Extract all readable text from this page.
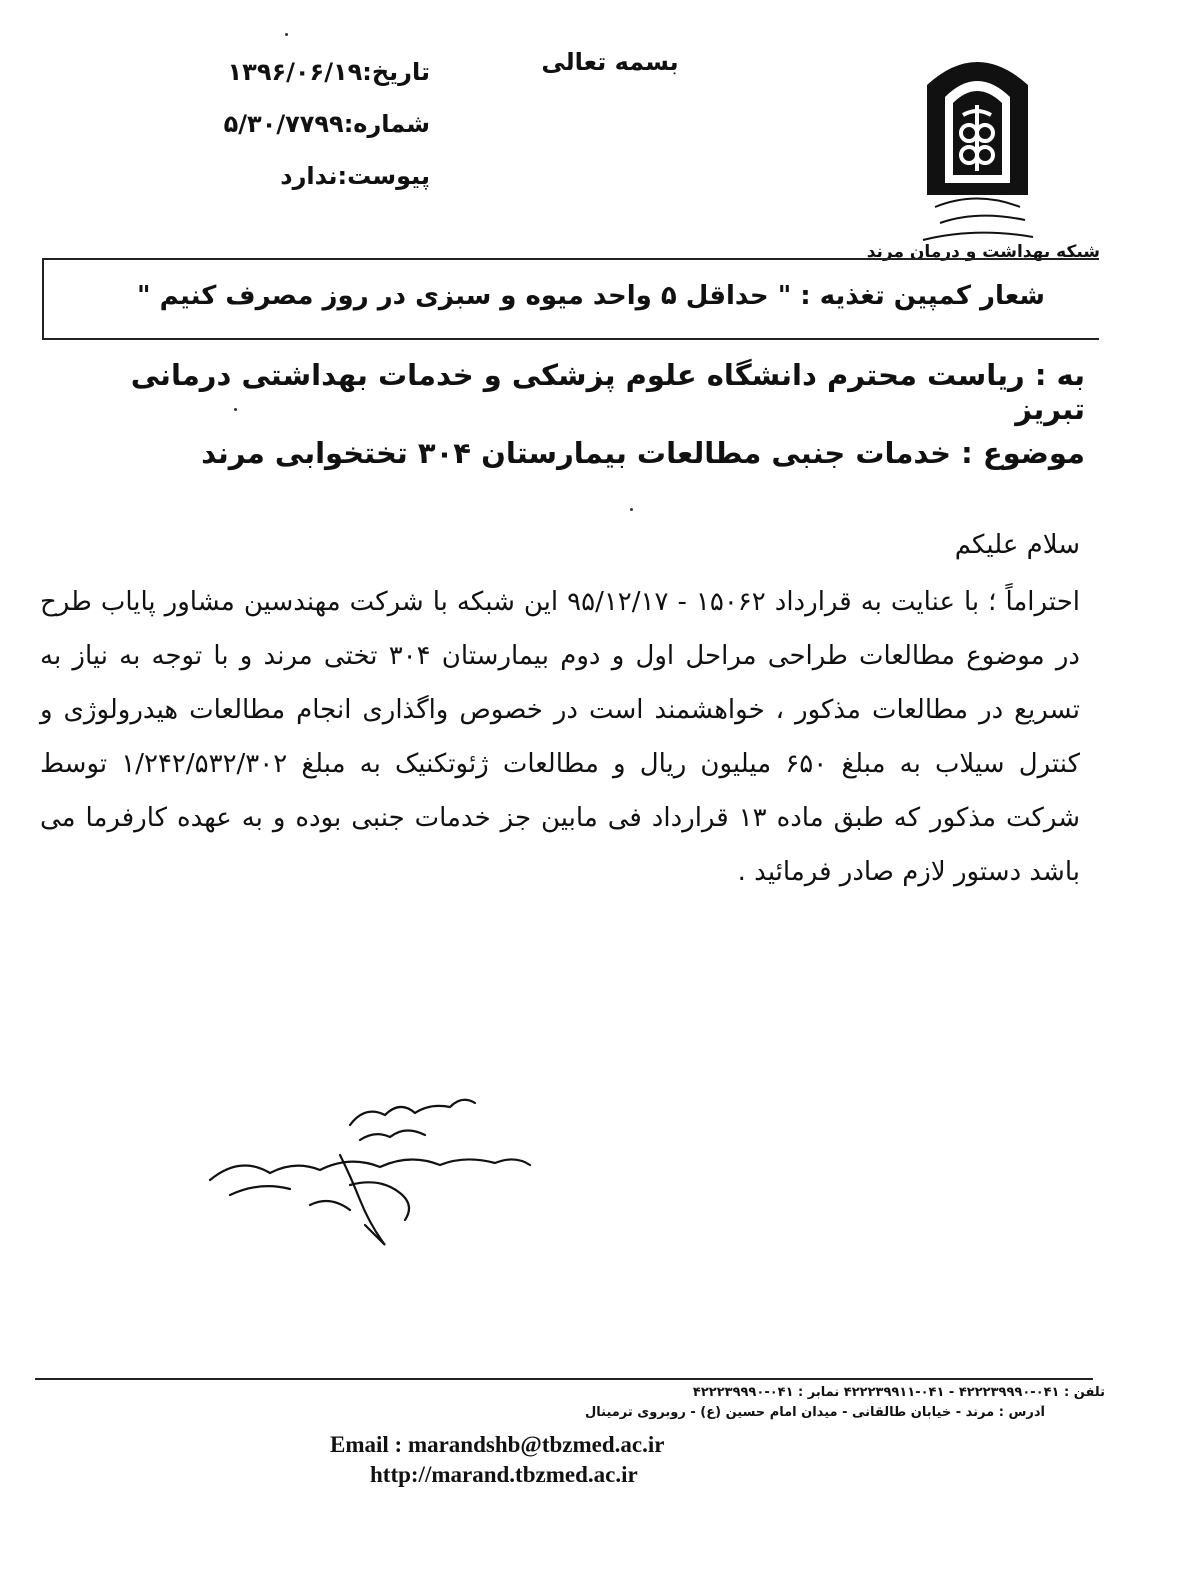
بسمه تعالی
تاریخ:۱۳۹۶/۰۶/۱۹
شماره:۵/۳۰/۷۷۹۹
پیوست:ندارد
شبکه بهداشت و درمان مرند
شعار کمپین تغذیه : " حداقل ۵ واحد میوه و سبزی در روز مصرف کنیم "
به : ریاست محترم دانشگاه علوم پزشکی و خدمات بهداشتی درمانی تبریز
موضوع : خدمات جنبی مطالعات بیمارستان ۳۰۴ تختخوابی مرند
سلام علیکم
احتراماً ؛ با عنایت به قرارداد ۱۵۰۶۲ - ۹۵/۱۲/۱۷ این شبکه با شرکت مهندسین مشاور پایاب طرح در موضوع مطالعات طراحی مراحل اول و دوم بیمارستان ۳۰۴ تختی مرند و با توجه به نیاز به تسریع در مطالعات مذکور ، خواهشمند است در خصوص واگذاری انجام مطالعات هیدرولوژی و کنترل سیلاب به مبلغ ۶۵۰ میلیون ریال و مطالعات ژئوتکنیک به مبلغ ۱/۲۴۲/۵۳۲/۳۰۲ توسط شرکت مذکور که طبق ماده ۱۳ قرارداد فی مابین جز خدمات جنبی بوده و به عهده کارفرما می باشد دستور لازم صادر فرمائید .
تلفن : ۰۴۱-۴۲۲۲۳۹۹۹۰ - ۰۴۱-۴۲۲۲۳۹۹۱۱ نمابر : ۰۴۱-۴۲۲۲۳۹۹۹۰
آدرس : مرند - خیابان طالقانی - میدان امام حسین (ع) - روبروی ترمینال
Email : marandshb@tbzmed.ac.ir
http://marand.tbzmed.ac.ir
